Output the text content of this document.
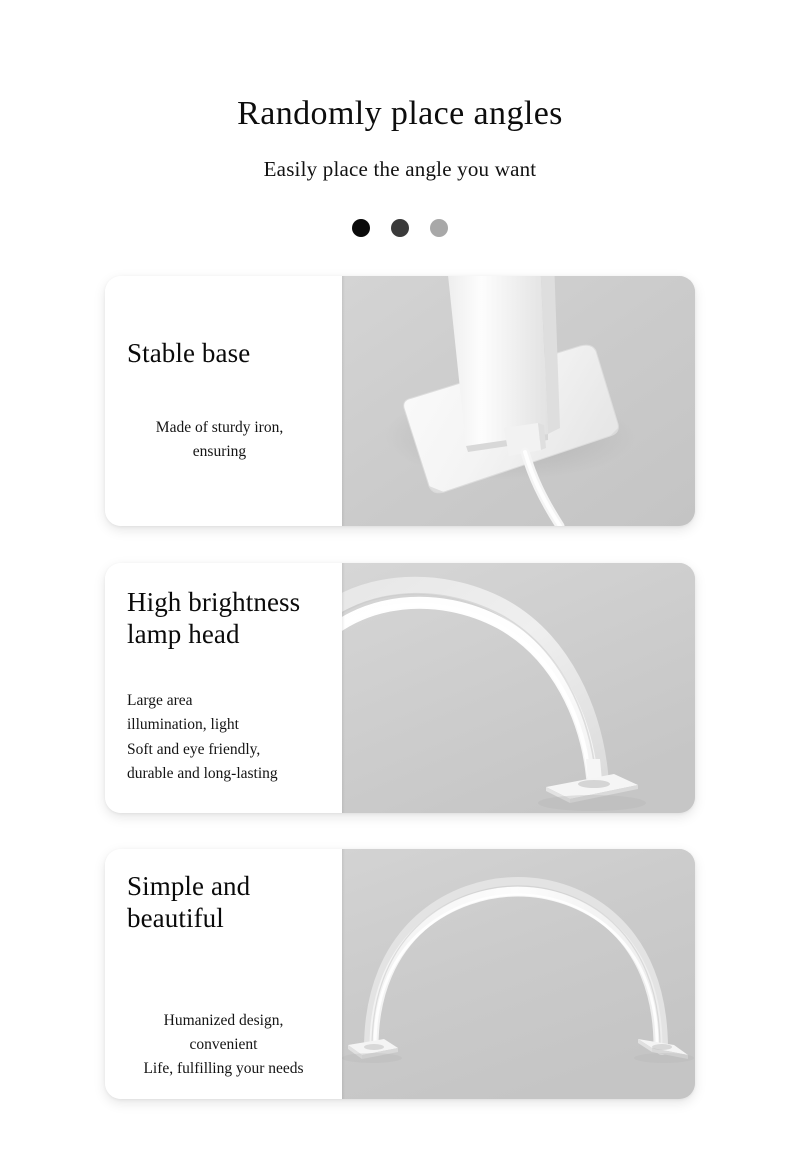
Randomly place angles

Easily place the angle you want

Stable base
Made of sturdy iron,
ensuring
High brightness lamp head
Large area
illumination, light
Soft and eye friendly,
durable and long-lasting
Simple and beautiful
Humanized design,
convenient
Life, fulfilling your needs
